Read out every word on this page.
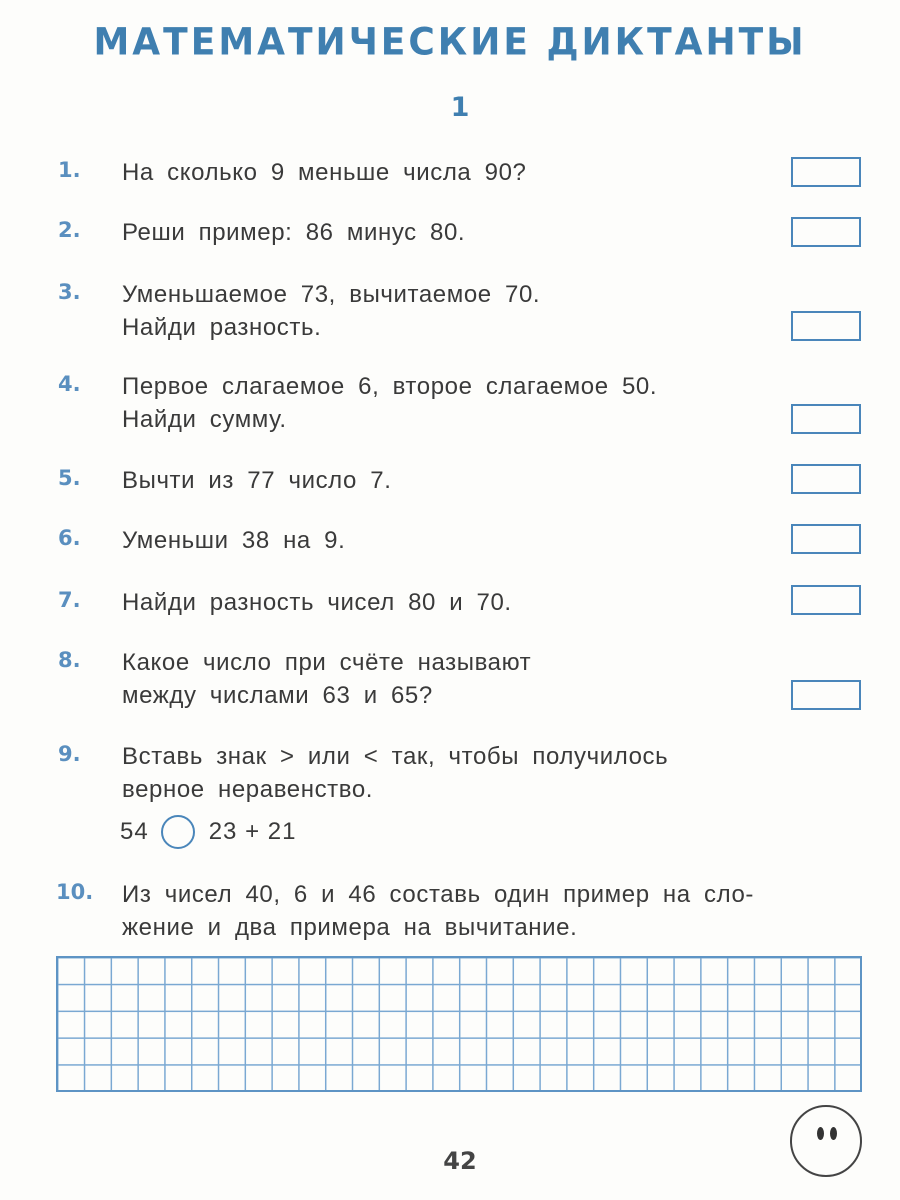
МАТЕМАТИЧЕСКИЕ ДИКТАНТЫ
1
1. На сколько 9 меньше числа 90?
2. Реши пример: 86 минус 80.
3. Уменьшаемое 73, вычитаемое 70.
Найди разность.
4. Первое слагаемое 6, второе слагаемое 50.
Найди сумму.
5. Вычти из 77 число 7.
6. Уменьши 38 на 9.
7. Найди разность чисел 80 и 70.
8. Какое число при счёте называют
между числами 63 и 65?
9. Вставь знак > или < так, чтобы получилось
верное неравенство.
54	23 + 21
10. Из чисел 40, 6 и 46 составь один пример на сло-
жение и два примера на вычитание.
42
